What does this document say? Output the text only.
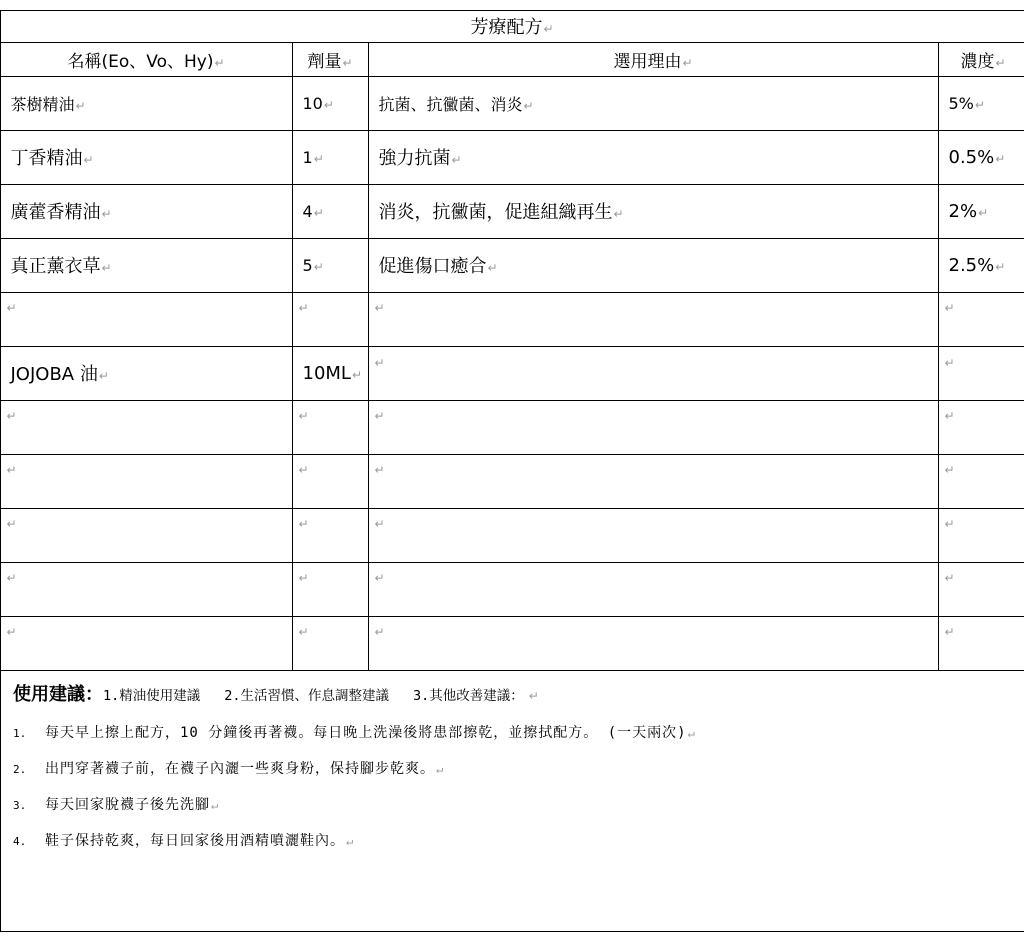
芳療配方↵			
名稱(Eo、Vo、Hy)↵	劑量↵	選用理由↵	濃度↵
茶樹精油↵	10↵	抗菌、抗黴菌、消炎↵	5%↵
丁香精油↵	1↵	強力抗菌↵	0.5%↵
廣藿香精油↵	4↵	消炎，抗黴菌，促進組織再生↵	2%↵
真正薰衣草↵	5↵	促進傷口癒合↵	2.5%↵
↵	↵	↵	↵
JOJOBA 油↵	10ML↵	↵	↵
↵	↵	↵	↵
↵	↵	↵	↵
↵	↵	↵	↵
↵	↵	↵	↵
↵	↵	↵	↵
使用建議：1.精油使用建議 2.生活習慣、作息調整建議 3.其他改善建議： ↵
1. 每天早上擦上配方，10 分鐘後再著襪。每日晚上洗澡後將患部擦乾，並擦拭配方。 (一天兩次)↵
2. 出門穿著襪子前，在襪子內灑一些爽身粉，保持腳步乾爽。↵
3. 每天回家脫襪子後先洗腳↵
4. 鞋子保持乾爽，每日回家後用酒精噴灑鞋內。↵
